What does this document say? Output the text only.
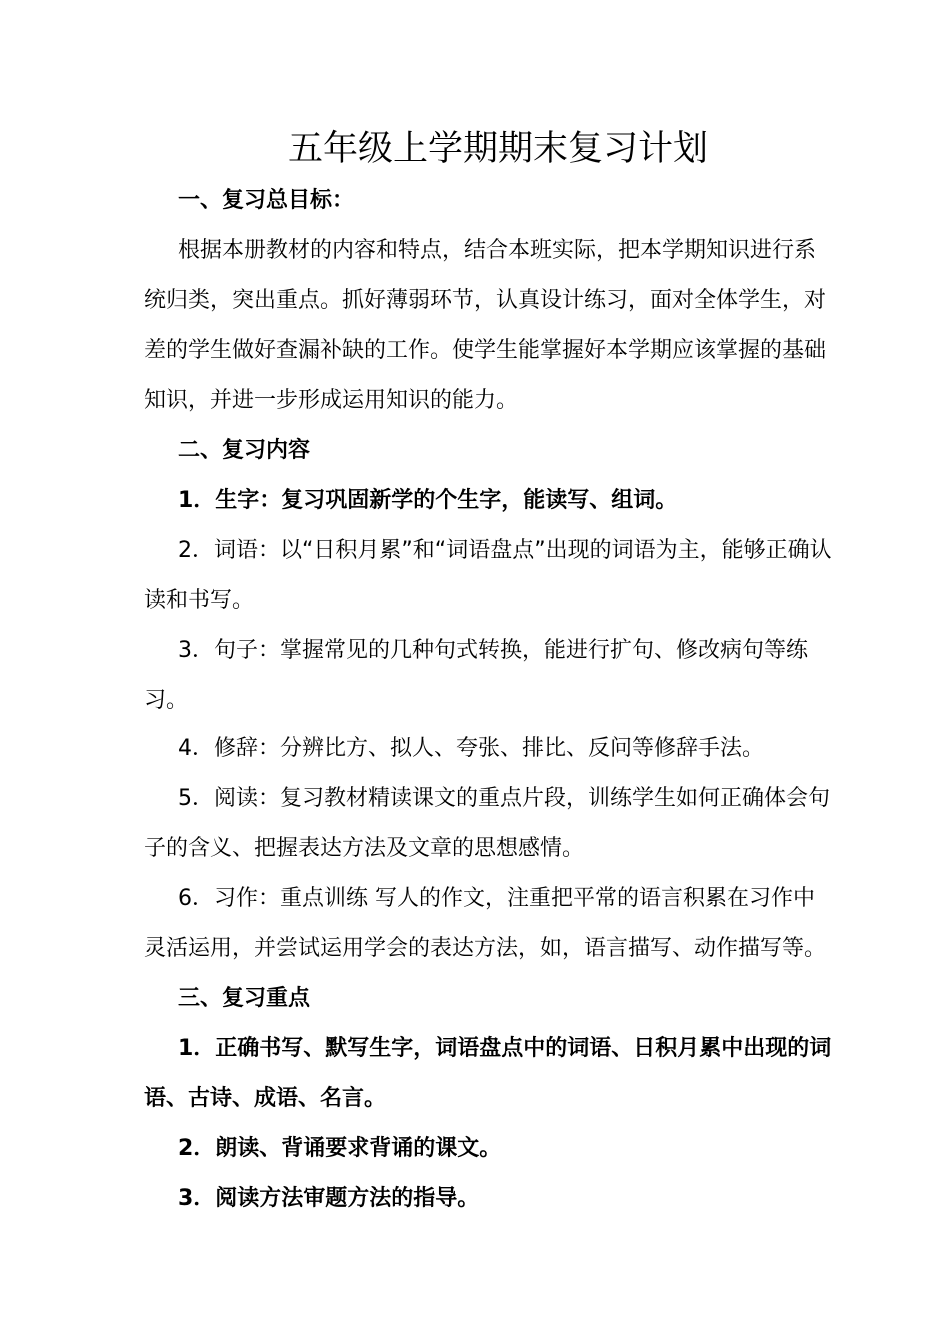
五年级上学期期末复习计划

一、复习总目标：

根据本册教材的内容和特点，结合本班实际，把本学期知识进行系统归类，突出重点。抓好薄弱环节，认真设计练习，面对全体学生，对差的学生做好查漏补缺的工作。使学生能掌握好本学期应该掌握的基础知识，并进一步形成运用知识的能力。

二、复习内容

1．生字：复习巩固新学的个生字，能读写、组词。

2．词语：以“日积月累”和“词语盘点”出现的词语为主，能够正确认读和书写。

3．句子：掌握常见的几种句式转换，能进行扩句、修改病句等练习。

4．修辞：分辨比方、拟人、夸张、排比、反问等修辞手法。

5．阅读：复习教材精读课文的重点片段，训练学生如何正确体会句子的含义、把握表达方法及文章的思想感情。

6．习作：重点训练 写人的作文，注重把平常的语言积累在习作中灵活运用，并尝试运用学会的表达方法，如，语言描写、动作描写等。

三、复习重点

1．正确书写、默写生字，词语盘点中的词语、日积月累中出现的词语、古诗、成语、名言。

2．朗读、背诵要求背诵的课文。

3．阅读方法审题方法的指导。
